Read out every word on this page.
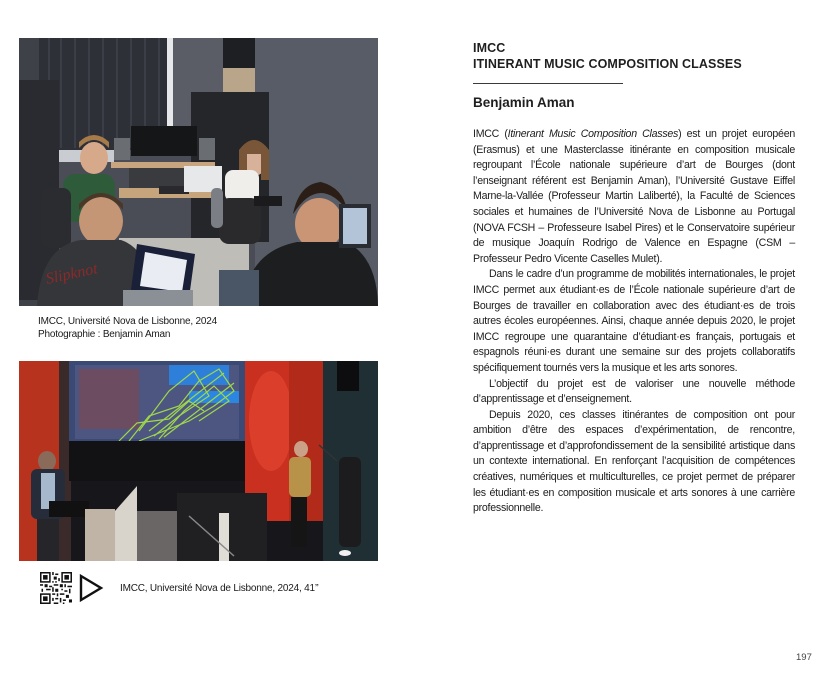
Slipknot
IMCC, Université Nova de Lisbonne, 2024
Photographie : Benjamin Aman
IMCC, Université Nova de Lisbonne, 2024, 41’’
IMCC
ITINERANT MUSIC COMPOSITION CLASSES
Benjamin Aman

IMCC (Itinerant Music Composition Classes) est un projet européen (Erasmus) et une Masterclasse itinérante en composition musicale regroupant l’École nationale supérieure d’art de Bourges (dont l’enseignant référent est Benjamin Aman), l’Université Gustave Eiffel Marne-la-Vallée (Professeur Martin Laliberté), la Faculté de Sciences sociales et humaines de l’Université Nova de Lisbonne au Portugal (NOVA FCSH – Professeure Isabel Pires) et le Conservatoire supérieur de musique Joaquín Rodrigo de Valence en Espagne (CSM – Professeur Pedro Vicente Caselles Mulet).

Dans le cadre d’un programme de mobilités internationales, le projet IMCC permet aux étudiant·es de l’École nationale supérieure d’art de Bourges de travailler en collaboration avec des étudiant·es de trois autres écoles européennes. Ainsi, chaque année depuis 2020, le projet IMCC regroupe une quarantaine d’étudiant·es français, portugais et espagnols réuni·es durant une semaine sur des projets collaboratifs spécifiquement tournés vers la musique et les arts sonores.

L’objectif du projet est de valoriser une nouvelle méthode d’apprentissage et d’enseignement.

Depuis 2020, ces classes itinérantes de composition ont pour ambition d’être des espaces d’expérimentation, de rencontre, d’apprentissage et d’approfondissement de la sensibilité artistique dans un contexte international. En renforçant l’acquisition de compétences créatives, numériques et multiculturelles, ce projet permet de préparer les étudiant·es en composition musicale et arts sonores à une carrière professionnelle.

197
